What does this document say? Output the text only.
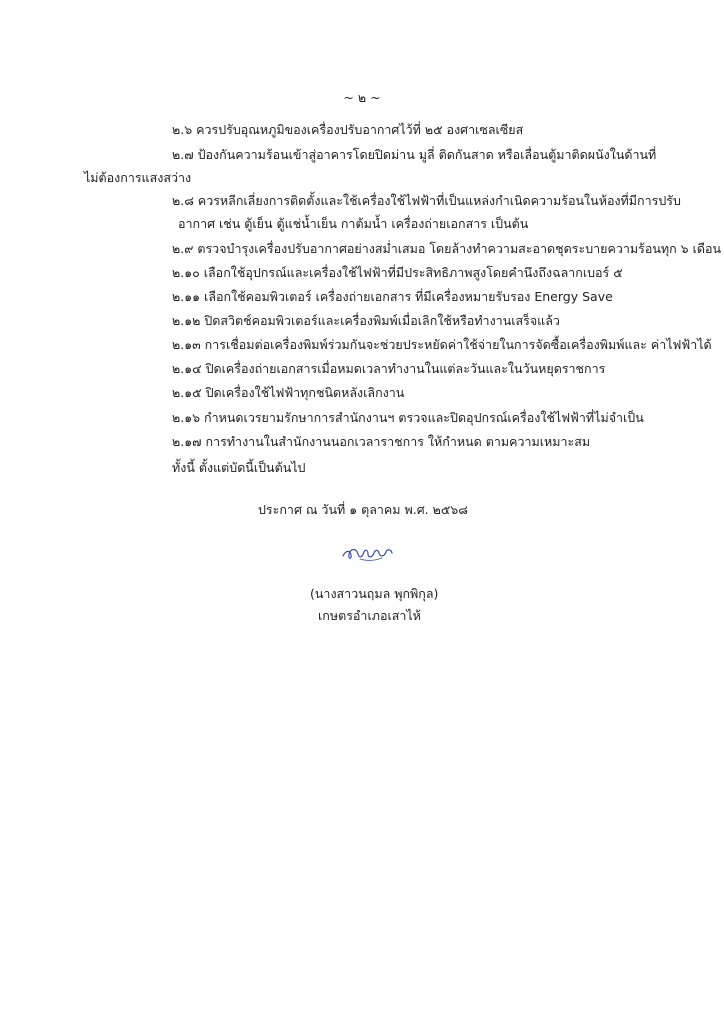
~ ๒ ~
๒.๖ ควรปรับอุณหภูมิของเครื่องปรับอากาศไว้ที่ ๒๕ องศาเซลเซียส
๒.๗ ป้องกันความร้อนเข้าสู่อาคารโดยปิดม่าน มูลี่ ติดกันสาด หรือเลื่อนตู้มาติดผนังในด้านที่
ไม่ต้องการแสงสว่าง
๒.๘ ควรหลีกเลี่ยงการติดตั้งและใช้เครื่องใช้ไฟฟ้าที่เป็นแหล่งกำเนิดความร้อนในห้องที่มีการปรับ
อากาศ เช่น ตู้เย็น ตู้แช่น้ำเย็น กาต้มน้ำ เครื่องถ่ายเอกสาร เป็นต้น
๒.๙ ตรวจบำรุงเครื่องปรับอากาศอย่างสม่ำเสมอ โดยล้างทำความสะอาดชุดระบายความร้อนทุก ๖ เดือน
๒.๑๐ เลือกใช้อุปกรณ์และเครื่องใช้ไฟฟ้าที่มีประสิทธิภาพสูงโดยคำนึงถึงฉลากเบอร์ ๕
๒.๑๑ เลือกใช้คอมพิวเตอร์ เครื่องถ่ายเอกสาร ที่มีเครื่องหมายรับรอง Energy Save
๒.๑๒ ปิดสวิตช์คอมพิวเตอร์และเครื่องพิมพ์เมื่อเลิกใช้หรือทำงานเสร็จแล้ว
๒.๑๓ การเชื่อมต่อเครื่องพิมพ์ร่วมกันจะช่วยประหยัดค่าใช้จ่ายในการจัดซื้อเครื่องพิมพ์และ ค่าไฟฟ้าได้
๒.๑๔ ปิดเครื่องถ่ายเอกสารเมื่อหมดเวลาทำงานในแต่ละวันและในวันหยุดราชการ
๒.๑๕ ปิดเครื่องใช้ไฟฟ้าทุกชนิดหลังเลิกงาน
๒.๑๖ กำหนดเวรยามรักษาการสำนักงานฯ ตรวจและปิดอุปกรณ์เครื่องใช้ไฟฟ้าที่ไม่จำเป็น
๒.๑๗ การทำงานในสำนักงานนอกเวลาราชการ ให้กำหนด ตามความเหมาะสม
ทั้งนี้ ตั้งแต่บัดนี้เป็นต้นไป
ประกาศ ณ วันที่ ๑ ตุลาคม พ.ศ. ๒๕๖๘
(นางสาวนฤมล พุกพิกุล)
เกษตรอำเภอเสาไห้
